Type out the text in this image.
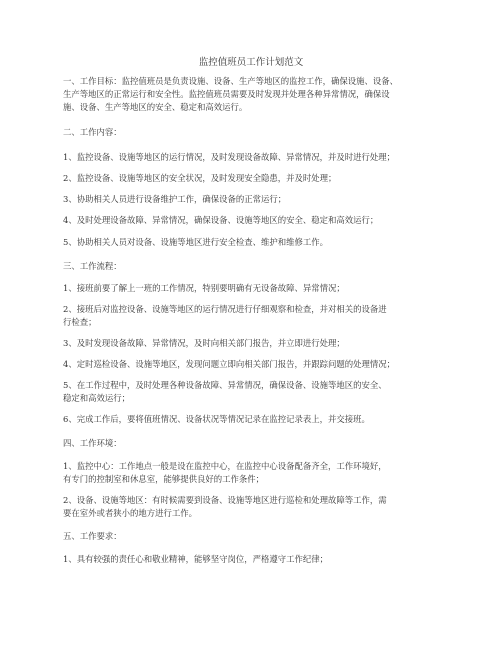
监控值班员工作计划范文
一、工作目标：监控值班员是负责设施、设备、生产等地区的监控工作，确保设施、设备、
生产等地区的正常运行和安全性。监控值班员需要及时发现并处理各种异常情况，确保设
施、设备、生产等地区的安全、稳定和高效运行。
二、工作内容：
1、监控设备、设施等地区的运行情况，及时发现设备故障、异常情况，并及时进行处理；
2、监控设备、设施等地区的安全状况，及时发现安全隐患，并及时处理；
3、协助相关人员进行设备维护工作，确保设备的正常运行；
4、及时处理设备故障、异常情况，确保设备、设施等地区的安全、稳定和高效运行；
5、协助相关人员对设备、设施等地区进行安全检查、维护和维修工作。
三、工作流程：
1、接班前要了解上一班的工作情况，特别要明确有无设备故障、异常情况；
2、接班后对监控设备、设施等地区的运行情况进行仔细观察和检查，并对相关的设备进
行检查；
3、及时发现设备故障、异常情况，及时向相关部门报告，并立即进行处理；
4、定时巡检设备、设施等地区，发现问题立即向相关部门报告，并跟踪问题的处理情况；
5、在工作过程中，及时处理各种设备故障、异常情况，确保设备、设施等地区的安全、
稳定和高效运行；
6、完成工作后，要将值班情况、设备状况等情况记录在监控记录表上，并交接班。
四、工作环境：
1、监控中心：工作地点一般是设在监控中心，在监控中心设备配备齐全，工作环境好，
有专门的控制室和休息室，能够提供良好的工作条件；
2、设备、设施等地区：有时候需要到设备、设施等地区进行巡检和处理故障等工作，需
要在室外或者狭小的地方进行工作。
五、工作要求：
1、具有较强的责任心和敬业精神，能够坚守岗位，严格遵守工作纪律；
